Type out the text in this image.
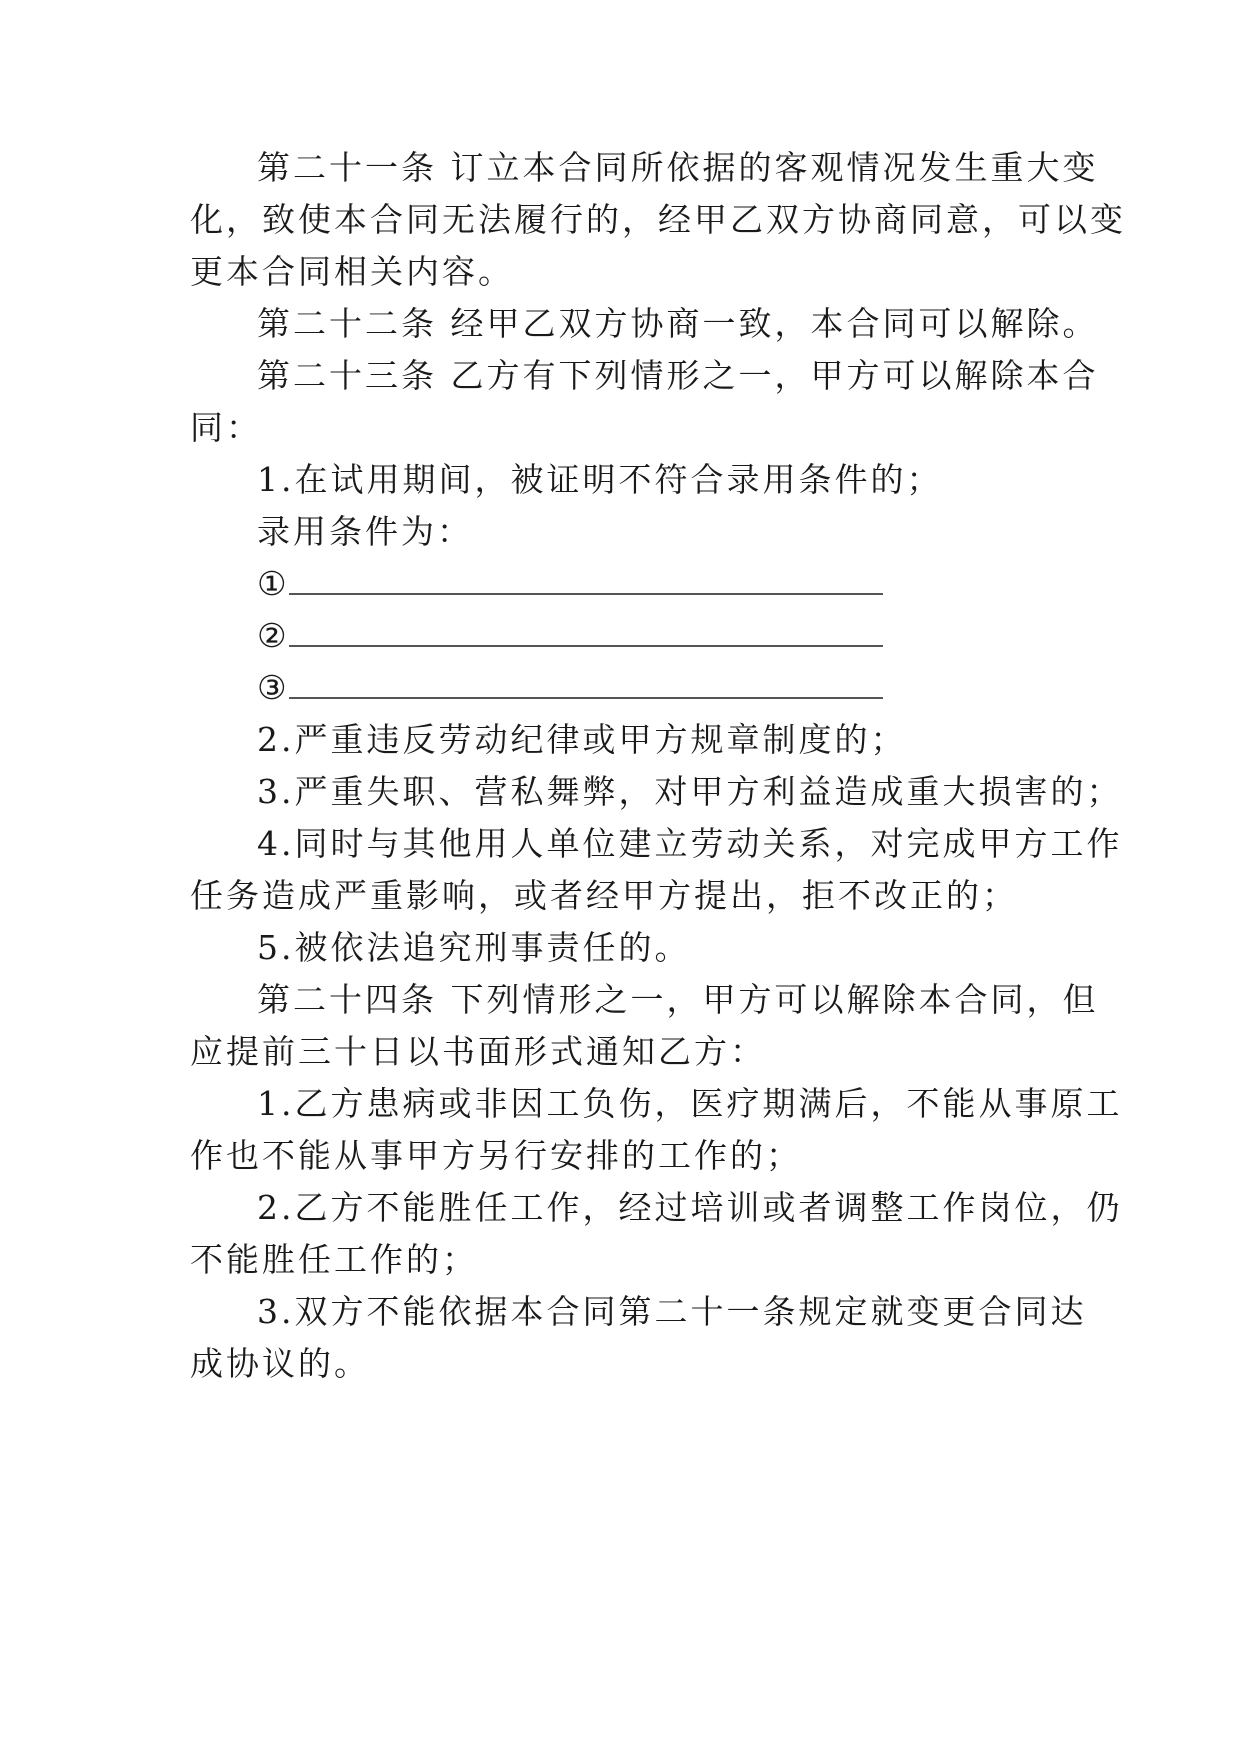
第二十一条 订立本合同所依据的客观情况发生重大变
化，致使本合同无法履行的，经甲乙双方协商同意，可以变
更本合同相关内容。
第二十二条 经甲乙双方协商一致，本合同可以解除。
第二十三条 乙方有下列情形之一，甲方可以解除本合
同：
1.在试用期间，被证明不符合录用条件的；
录用条件为：
①
②
③
2.严重违反劳动纪律或甲方规章制度的；
3.严重失职、营私舞弊，对甲方利益造成重大损害的；
4.同时与其他用人单位建立劳动关系，对完成甲方工作
任务造成严重影响，或者经甲方提出，拒不改正的；
5.被依法追究刑事责任的。
第二十四条 下列情形之一，甲方可以解除本合同，但
应提前三十日以书面形式通知乙方：
1.乙方患病或非因工负伤，医疗期满后，不能从事原工
作也不能从事甲方另行安排的工作的；
2.乙方不能胜任工作，经过培训或者调整工作岗位，仍
不能胜任工作的；
3.双方不能依据本合同第二十一条规定就变更合同达
成协议的。
